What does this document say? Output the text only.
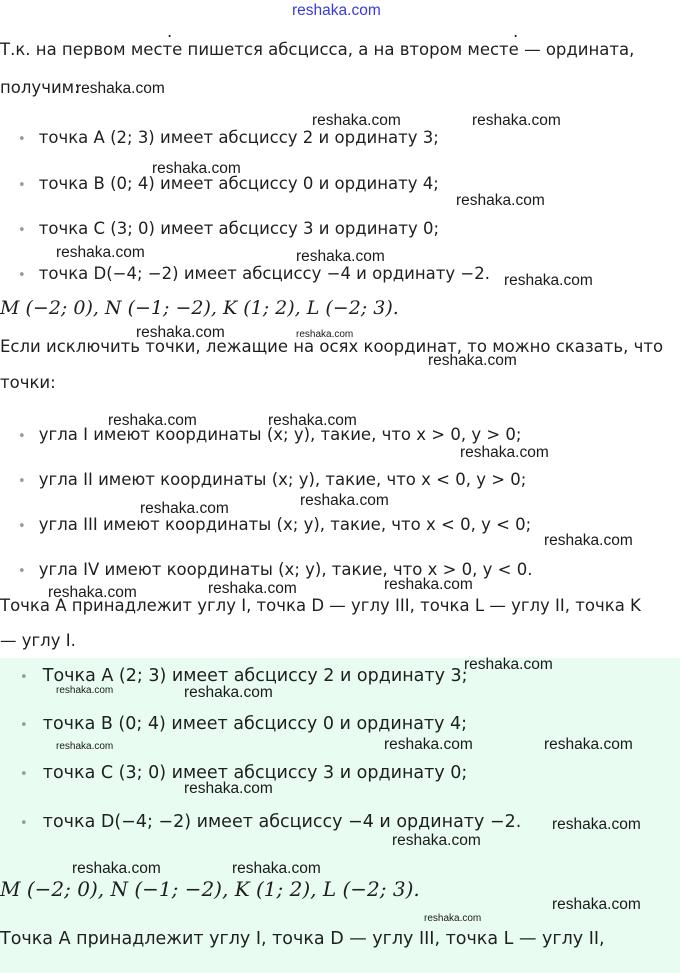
.	.
Т.к. на первом месте пишется абсцисса, а на втором месте — ордината,
получим:
• точка A (2; 3) имеет абсциссу 2 и ординату 3;
• точка B (0; 4) имеет абсциссу 0 и ординату 4;
• точка C (3; 0) имеет абсциссу 3 и ординату 0;
• точка D(−4; −2) имеет абсциссу −4 и ординату −2.
M (−2; 0), N (−1; −2), K (1; 2), L (−2; 3).
Если исключить точки, лежащие на осях координат, то можно сказать, что
точки:
• угла I имеют координаты (x; y), такие, что x > 0, y > 0;
• угла II имеют координаты (x; y), такие, что x < 0, y > 0;
• угла III имеют координаты (x; y), такие, что x < 0, y < 0;
• угла IV имеют координаты (x; y), такие, что x > 0, y < 0.
Точка A принадлежит углу I, точка D — углу III, точка L — углу II, точка K
— углу I.
• Точка A (2; 3) имеет абсциссу 2 и ординату 3;
• точка B (0; 4) имеет абсциссу 0 и ординату 4;
• точка C (3; 0) имеет абсциссу 3 и ординату 0;
• точка D(−4; −2) имеет абсциссу −4 и ординату −2.
M (−2; 0), N (−1; −2), K (1; 2), L (−2; 3).
Точка A принадлежит углу I, точка D — углу III, точка L — углу II,
reshaka.com
reshaka.com
reshaka.com	reshaka.com
reshaka.com
reshaka.com
reshaka.com	reshaka.com
reshaka.com
reshaka.com	reshaka.com
reshaka.com
reshaka.com	reshaka.com
reshaka.com
reshaka.com
reshaka.com
reshaka.com
reshaka.com
reshaka.com
reshaka.com
reshaka.com
reshaka.com	reshaka.com
reshaka.com	reshaka.com	reshaka.com
reshaka.com
reshaka.com
reshaka.com
reshaka.com	reshaka.com
reshaka.com
reshaka.com
